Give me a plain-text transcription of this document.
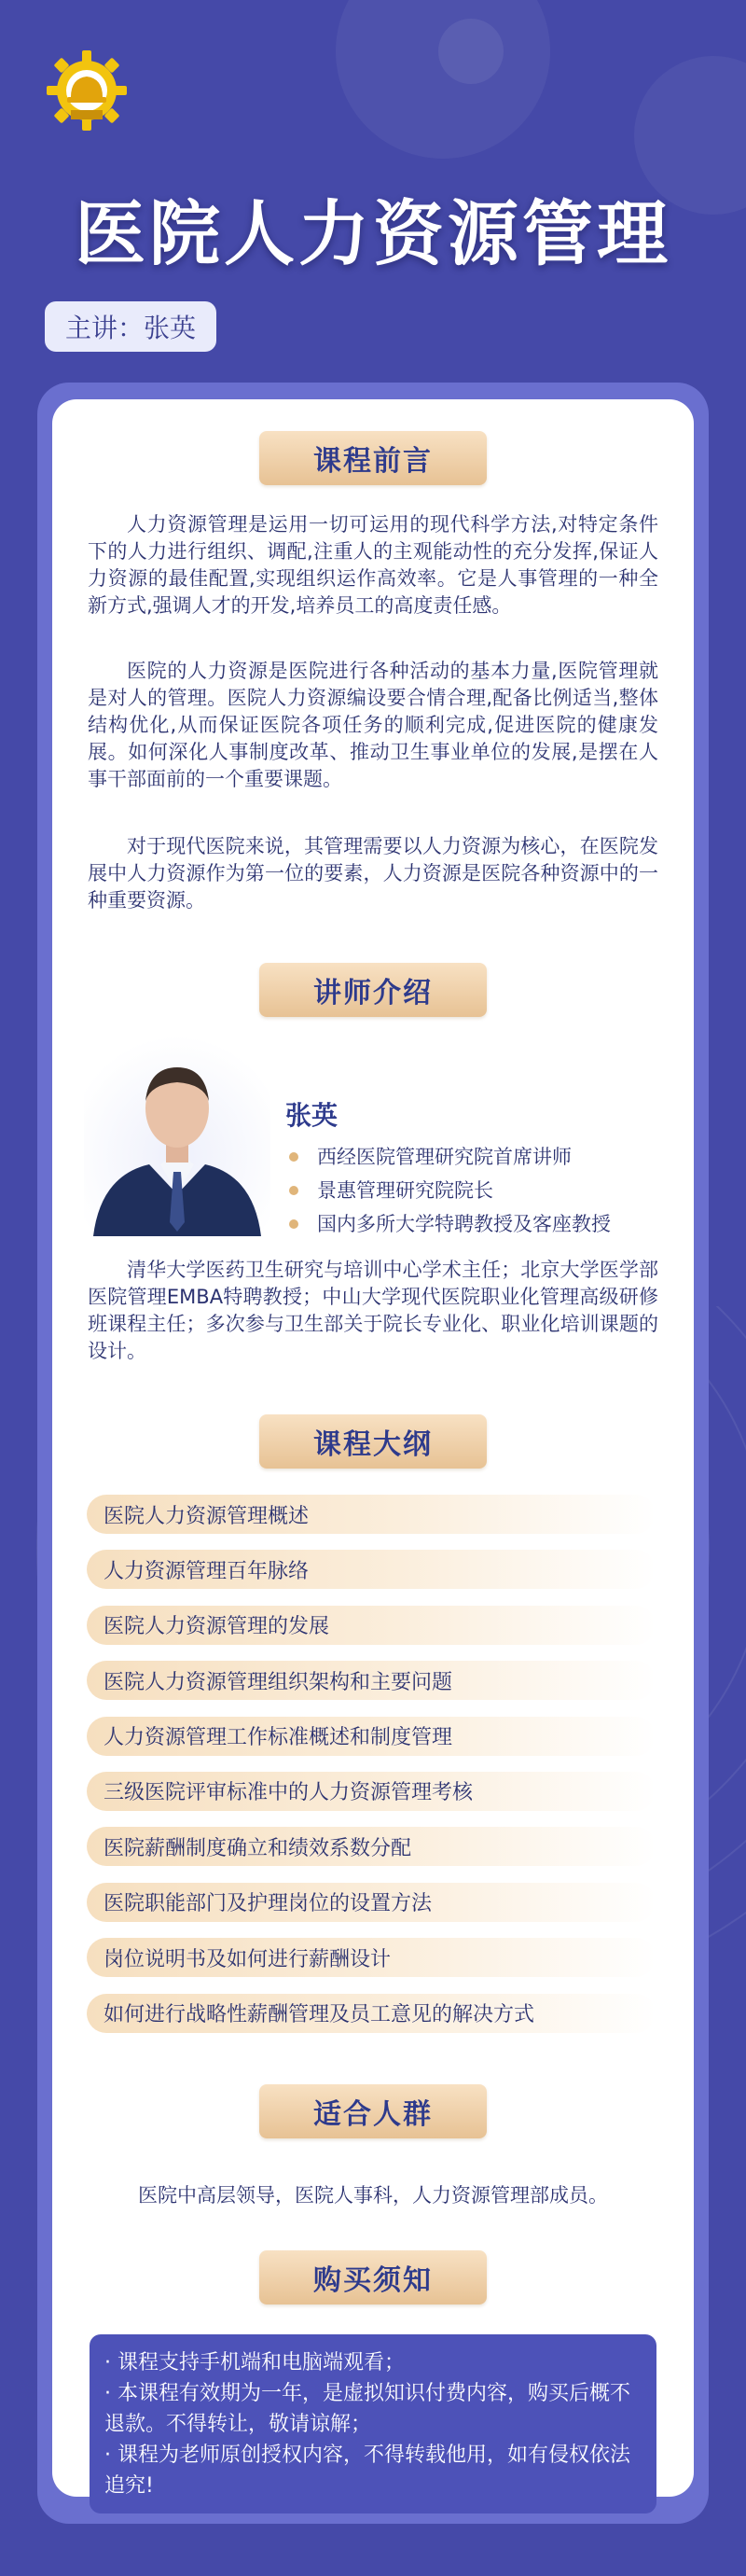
医院人力资源管理
主讲：张英
课程前言

人力资源管理是运用一切可运用的现代科学方法,对特定条件下的人力进行组织、调配,注重人的主观能动性的充分发挥,保证人力资源的最佳配置,实现组织运作高效率。它是人事管理的一种全新方式,强调人才的开发,培养员工的高度责任感。

医院的人力资源是医院进行各种活动的基本力量,医院管理就是对人的管理。医院人力资源编设要合情合理,配备比例适当,整体结构优化,从而保证医院各项任务的顺利完成,促进医院的健康发展。如何深化人事制度改革、推动卫生事业单位的发展,是摆在人事干部面前的一个重要课题。

对于现代医院来说，其管理需要以人力资源为核心，在医院发展中人力资源作为第一位的要素，人力资源是医院各种资源中的一种重要资源。

讲师介绍
张英
西经医院管理研究院首席讲师
景惠管理研究院院长
国内多所大学特聘教授及客座教授

清华大学医药卫生研究与培训中心学术主任；北京大学医学部医院管理EMBA特聘教授；中山大学现代医院职业化管理高级研修班课程主任；多次参与卫生部关于院长专业化、职业化培训课题的设计。

课程大纲
医院人力资源管理概述
人力资源管理百年脉络
医院人力资源管理的发展
医院人力资源管理组织架构和主要问题
人力资源管理工作标准概述和制度管理
三级医院评审标准中的人力资源管理考核
医院薪酬制度确立和绩效系数分配
医院职能部门及护理岗位的设置方法
岗位说明书及如何进行薪酬设计
如何进行战略性薪酬管理及员工意见的解决方式
适合人群

医院中高层领导，医院人事科，人力资源管理部成员。

购买须知

· 课程支持手机端和电脑端观看；

· 本课程有效期为一年，是虚拟知识付费内容，购买后概不退款。不得转让，敬请谅解；

· 课程为老师原创授权内容，不得转载他用，如有侵权依法追究!
